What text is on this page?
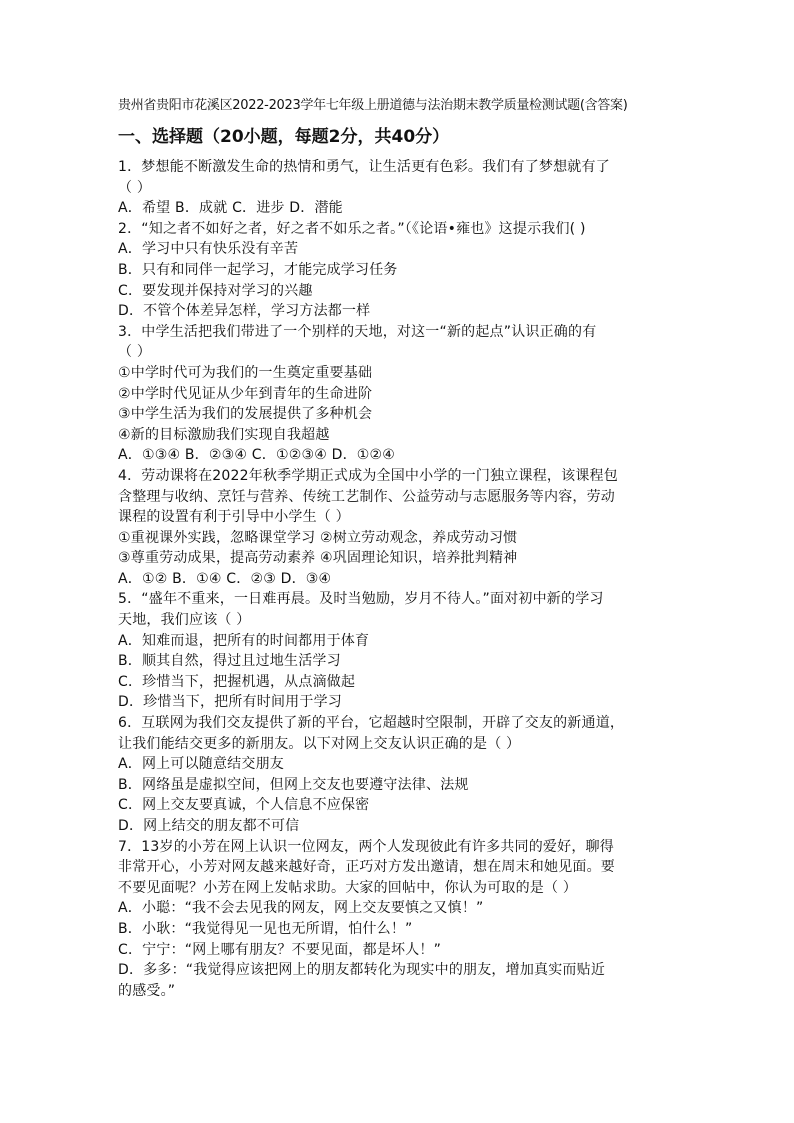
贵州省贵阳市花溪区2022-2023学年七年级上册道德与法治期末教学质量检测试题(含答案)
一、选择题（20小题，每题2分，共40分）
1．梦想能不断激发生命的热情和勇气，让生活更有色彩。我们有了梦想就有了
（ ）
A．希望 B．成就 C．进步 D．潜能
2．“知之者不如好之者，好之者不如乐之者。”（《论语•雍也》这提示我们( )
A．学习中只有快乐没有辛苦
B．只有和同伴一起学习，才能完成学习任务
C．要发现并保持对学习的兴趣
D．不管个体差异怎样，学习方法都一样
3．中学生活把我们带进了一个别样的天地，对这一“新的起点”认识正确的有
（ ）
①中学时代可为我们的一生奠定重要基础
②中学时代见证从少年到青年的生命进阶
③中学生活为我们的发展提供了多种机会
④新的目标激励我们实现自我超越
A．①③④ B．②③④ C．①②③④ D．①②④
4．劳动课将在2022年秋季学期正式成为全国中小学的一门独立课程，该课程包
含整理与收纳、烹饪与营养、传统工艺制作、公益劳动与志愿服务等内容，劳动
课程的设置有利于引导中小学生（ ）
①重视课外实践，忽略课堂学习 ②树立劳动观念，养成劳动习惯
③尊重劳动成果，提高劳动素养 ④巩固理论知识，培养批判精神
A．①② B．①④ C．②③ D．③④
5．“盛年不重来，一日难再晨。及时当勉励，岁月不待人。”面对初中新的学习
天地，我们应该（ ）
A．知难而退，把所有的时间都用于体育
B．顺其自然，得过且过地生活学习
C．珍惜当下，把握机遇，从点滴做起
D．珍惜当下，把所有时间用于学习
6．互联网为我们交友提供了新的平台，它超越时空限制，开辟了交友的新通道，
让我们能结交更多的新朋友。以下对网上交友认识正确的是（ ）
A．网上可以随意结交朋友
B．网络虽是虚拟空间，但网上交友也要遵守法律、法规
C．网上交友要真诚，个人信息不应保密
D．网上结交的朋友都不可信
7．13岁的小芳在网上认识一位网友，两个人发现彼此有许多共同的爱好，聊得
非常开心，小芳对网友越来越好奇，正巧对方发出邀请，想在周末和她见面。要
不要见面呢？小芳在网上发帖求助。大家的回帖中，你认为可取的是（ ）
A．小聪：“我不会去见我的网友，网上交友要慎之又慎！”
B．小耿：“我觉得见一见也无所谓，怕什么！”
C．宁宁：“网上哪有朋友？不要见面，都是坏人！”
D．多多：“我觉得应该把网上的朋友都转化为现实中的朋友，增加真实而贴近
的感受。”
